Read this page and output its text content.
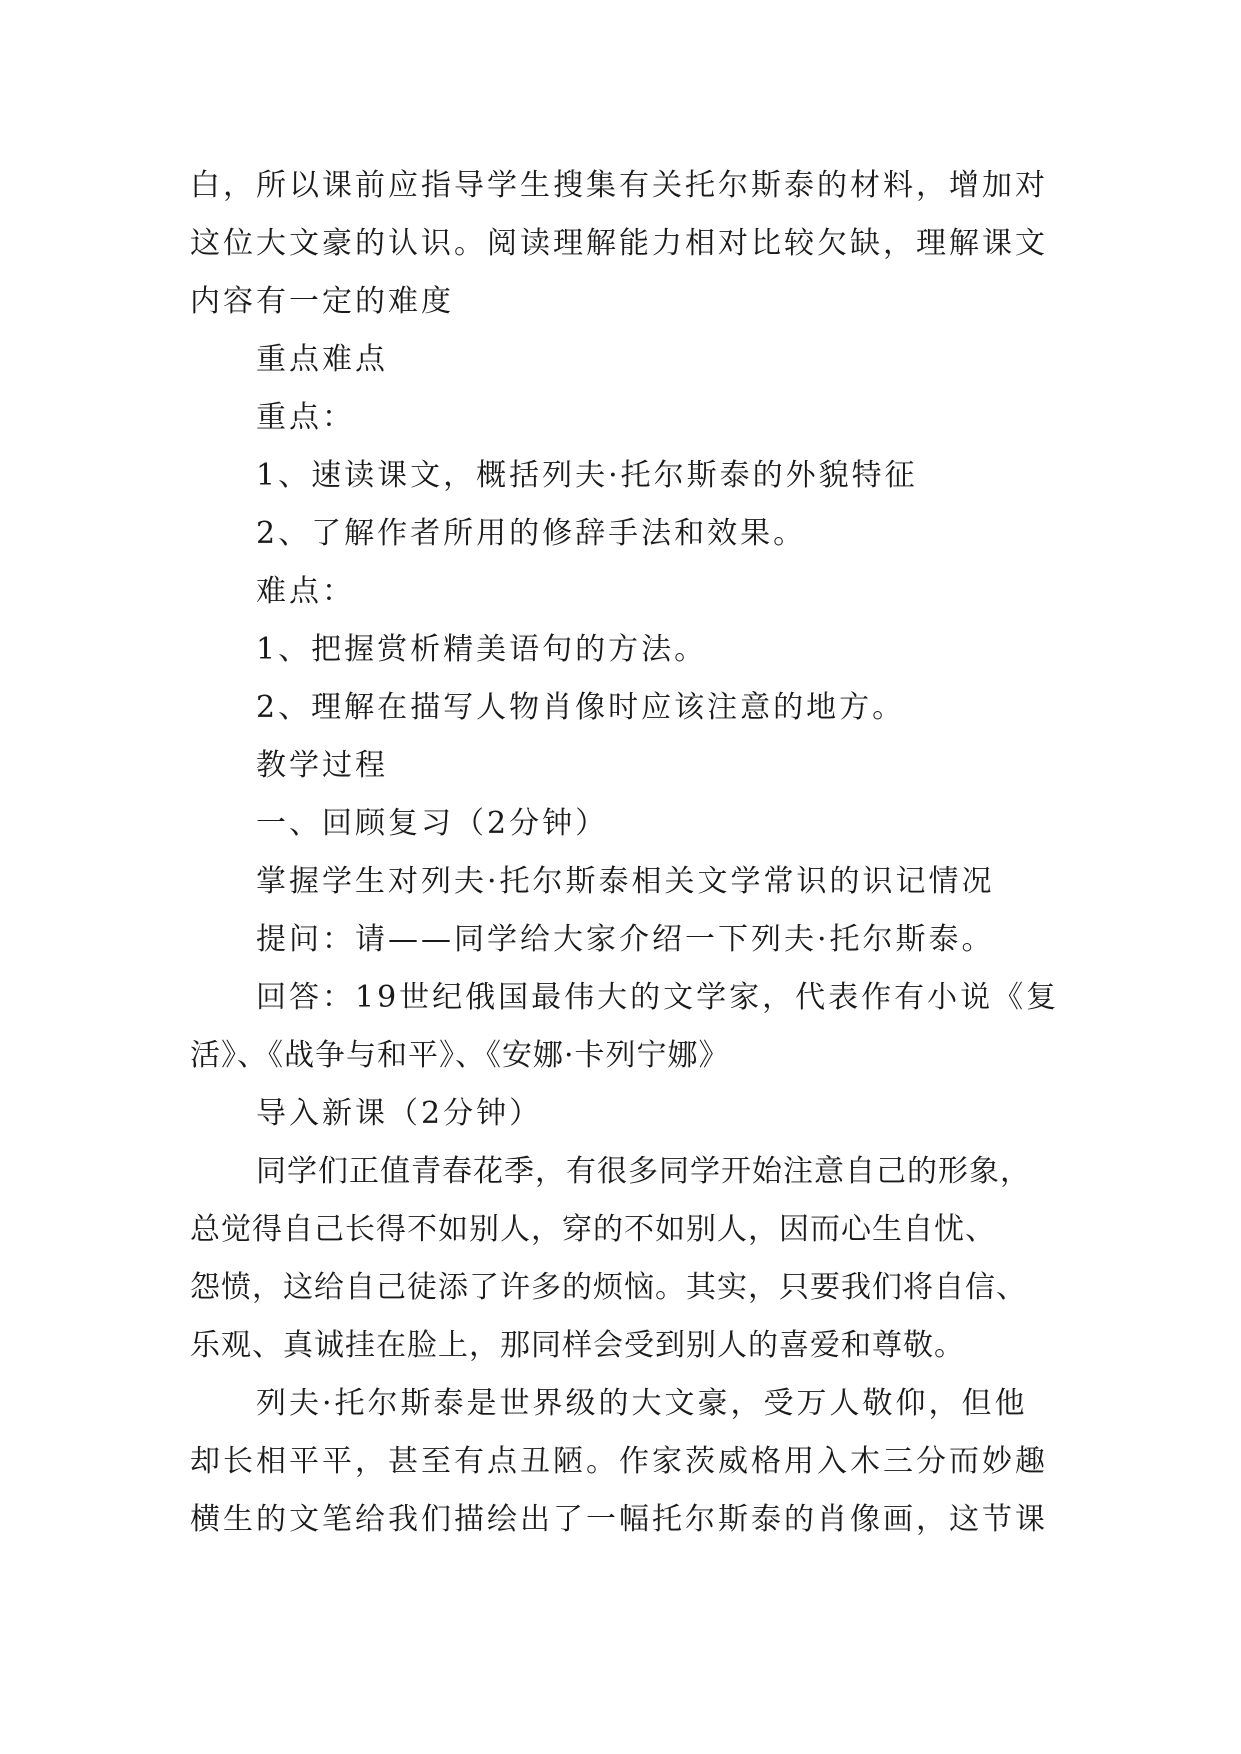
白，所以课前应指导学生搜集有关托尔斯泰的材料，增加对
这位大文豪的认识。阅读理解能力相对比较欠缺，理解课文
内容有一定的难度
重点难点
重点：
1、速读课文，概括列夫·托尔斯泰的外貌特征
2、了解作者所用的修辞手法和效果。
难点：
1、把握赏析精美语句的方法。
2、理解在描写人物肖像时应该注意的地方。
教学过程
一、回顾复习（2分钟）
掌握学生对列夫·托尔斯泰相关文学常识的识记情况
提问：请——同学给大家介绍一下列夫·托尔斯泰。
回答：19世纪俄国最伟大的文学家，代表作有小说《复
活》、《战争与和平》、《安娜·卡列宁娜》
导入新课（2分钟）
同学们正值青春花季，有很多同学开始注意自己的形象，
总觉得自己长得不如别人，穿的不如别人，因而心生自忧、
怨愤，这给自己徒添了许多的烦恼。其实，只要我们将自信、
乐观、真诚挂在脸上，那同样会受到别人的喜爱和尊敬。
列夫·托尔斯泰是世界级的大文豪，受万人敬仰，但他
却长相平平，甚至有点丑陋。作家茨威格用入木三分而妙趣
横生的文笔给我们描绘出了一幅托尔斯泰的肖像画，这节课
